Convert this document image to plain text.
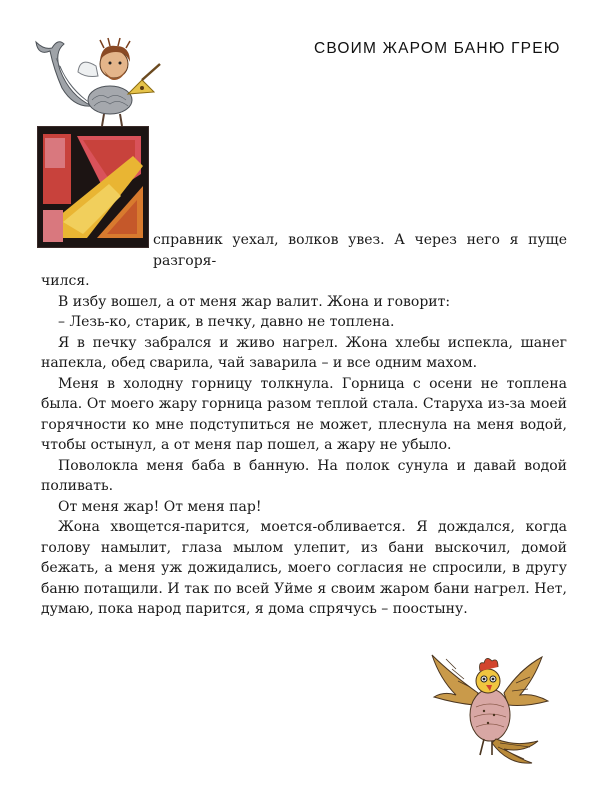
СВОИМ ЖАРОМ БАНЮ ГРЕЮ

справник уехал, волков увез. А через него я пуще разгоря-

чился.

В избу вошел, а от меня жар валит. Жона и говорит:

– Лезь-ко, старик, в печку, давно не топлена.

Я в печку забрался и живо нагрел. Жона хлебы испекла, шанег напекла, обед сварила, чай заварила – и все одним махом.

Меня в холодну горницу толкнула. Горница с осени не топлена была. От моего жару горница разом теплой стала. Старуха из-за моей горячности ко мне подступиться не может, плеснула на меня водой, чтобы остынул, а от меня пар пошел, а жару не убыло.

Поволокла меня баба в банную. На полок сунула и давай водой поливать.

От меня жар! От меня пар!

Жона хвощется-парится, моется-обливается. Я дождался, когда голову намылит, глаза мылом улепит, из бани выскочил, домой бежать, а меня уж дожидались, моего согласия не спросили, в другу баню потащили. И так по всей Уйме я своим жаром бани нагрел. Нет, думаю, пока народ парится, я дома спрячусь – поостыну.
